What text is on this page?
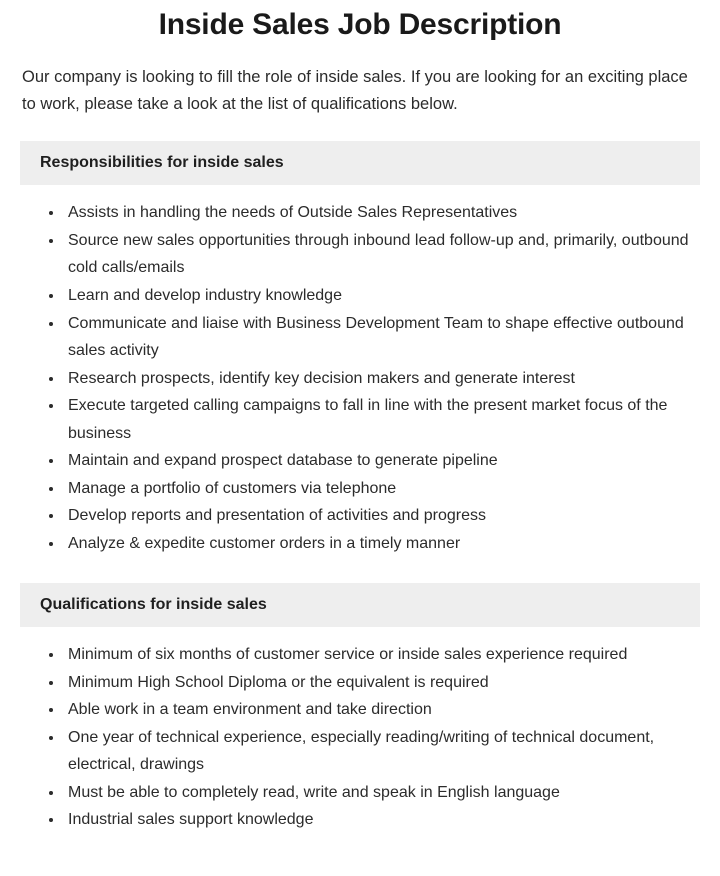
Inside Sales Job Description

Our company is looking to fill the role of inside sales. If you are looking for an exciting place to work, please take a look at the list of qualifications below.

Responsibilities for inside sales
• Assists in handling the needs of Outside Sales Representatives
• Source new sales opportunities through inbound lead follow-up and, primarily, outbound cold calls/emails
• Learn and develop industry knowledge
• Communicate and liaise with Business Development Team to shape effective outbound sales activity
• Research prospects, identify key decision makers and generate interest
• Execute targeted calling campaigns to fall in line with the present market focus of the business
• Maintain and expand prospect database to generate pipeline
• Manage a portfolio of customers via telephone
• Develop reports and presentation of activities and progress
• Analyze & expedite customer orders in a timely manner
Qualifications for inside sales
• Minimum of six months of customer service or inside sales experience required
• Minimum High School Diploma or the equivalent is required
• Able work in a team environment and take direction
• One year of technical experience, especially reading/writing of technical document, electrical, drawings
• Must be able to completely read, write and speak in English language
• Industrial sales support knowledge
